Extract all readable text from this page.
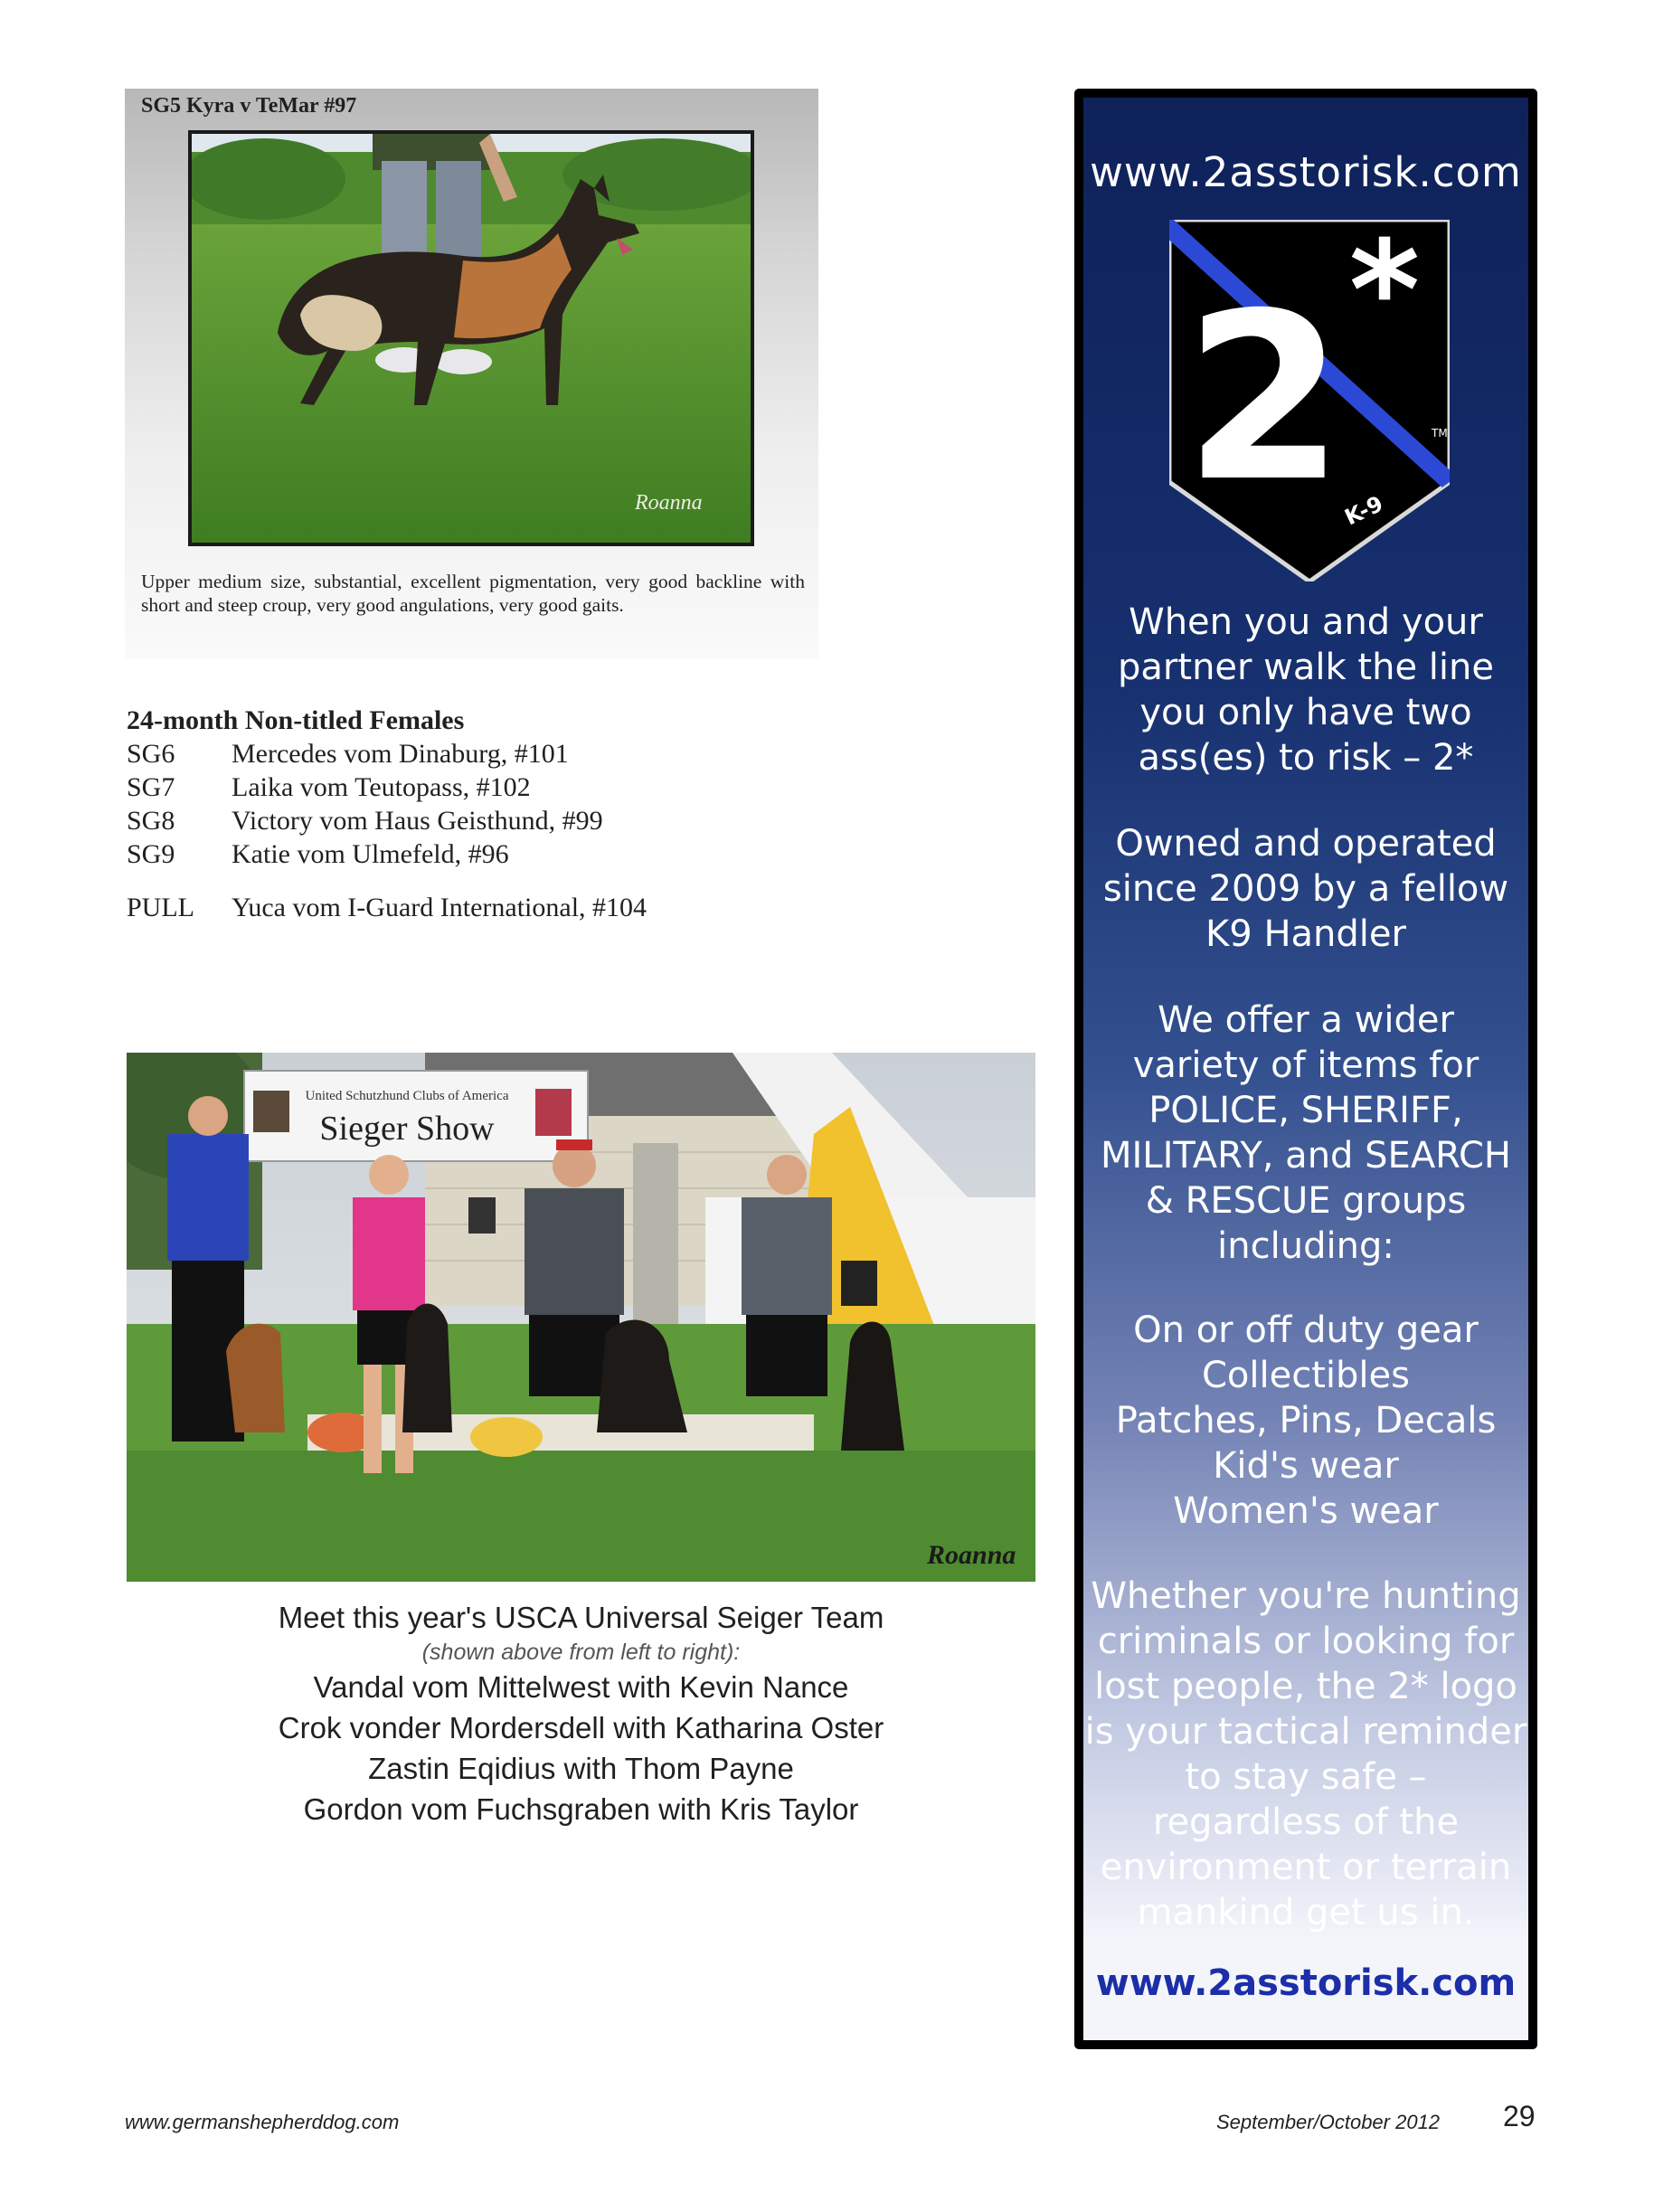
SG5 Kyra v TeMar #97
Roanna
Upper medium size, substantial, excellent pigmentation, very good backline with short and steep croup, very good angulations, very good gaits.
24-month Non-titled Females
SG6	Mercedes vom Dinaburg, #101
SG7	Laika vom Teutopass, #102
SG8	Victory vom Haus Geisthund, #99
SG9	Katie vom Ulmefeld, #96
PULL	Yuca vom I-Guard International, #104
United Schutzhund Clubs of America
Sieger Show
Roanna
Meet this year's USCA Universal Seiger Team
(shown above from left to right):
Vandal vom Mittelwest with Kevin Nance
Crok vonder Mordersdell with Katharina Oster
Zastin Eqidius with Thom Payne
Gordon vom Fuchsgraben with Kris Taylor
www.2asstorisk.com
2 *
TM
K-9
When you and your
partner walk the line
you only have two
ass(es) to risk – 2*
Owned and operated
since 2009 by a fellow
K9 Handler
We offer a wider
variety of items for
POLICE, SHERIFF,
MILITARY, and SEARCH
& RESCUE groups
including:
On or off duty gear
Collectibles
Patches, Pins, Decals
Kid's wear
Women's wear
Whether you're hunting
criminals or looking for
lost people, the 2* logo
is your tactical reminder
to stay safe –
regardless of the
environment or terrain
mankind get us in.
www.2asstorisk.com
www.germanshepherddog.com	September/October 2012 29
